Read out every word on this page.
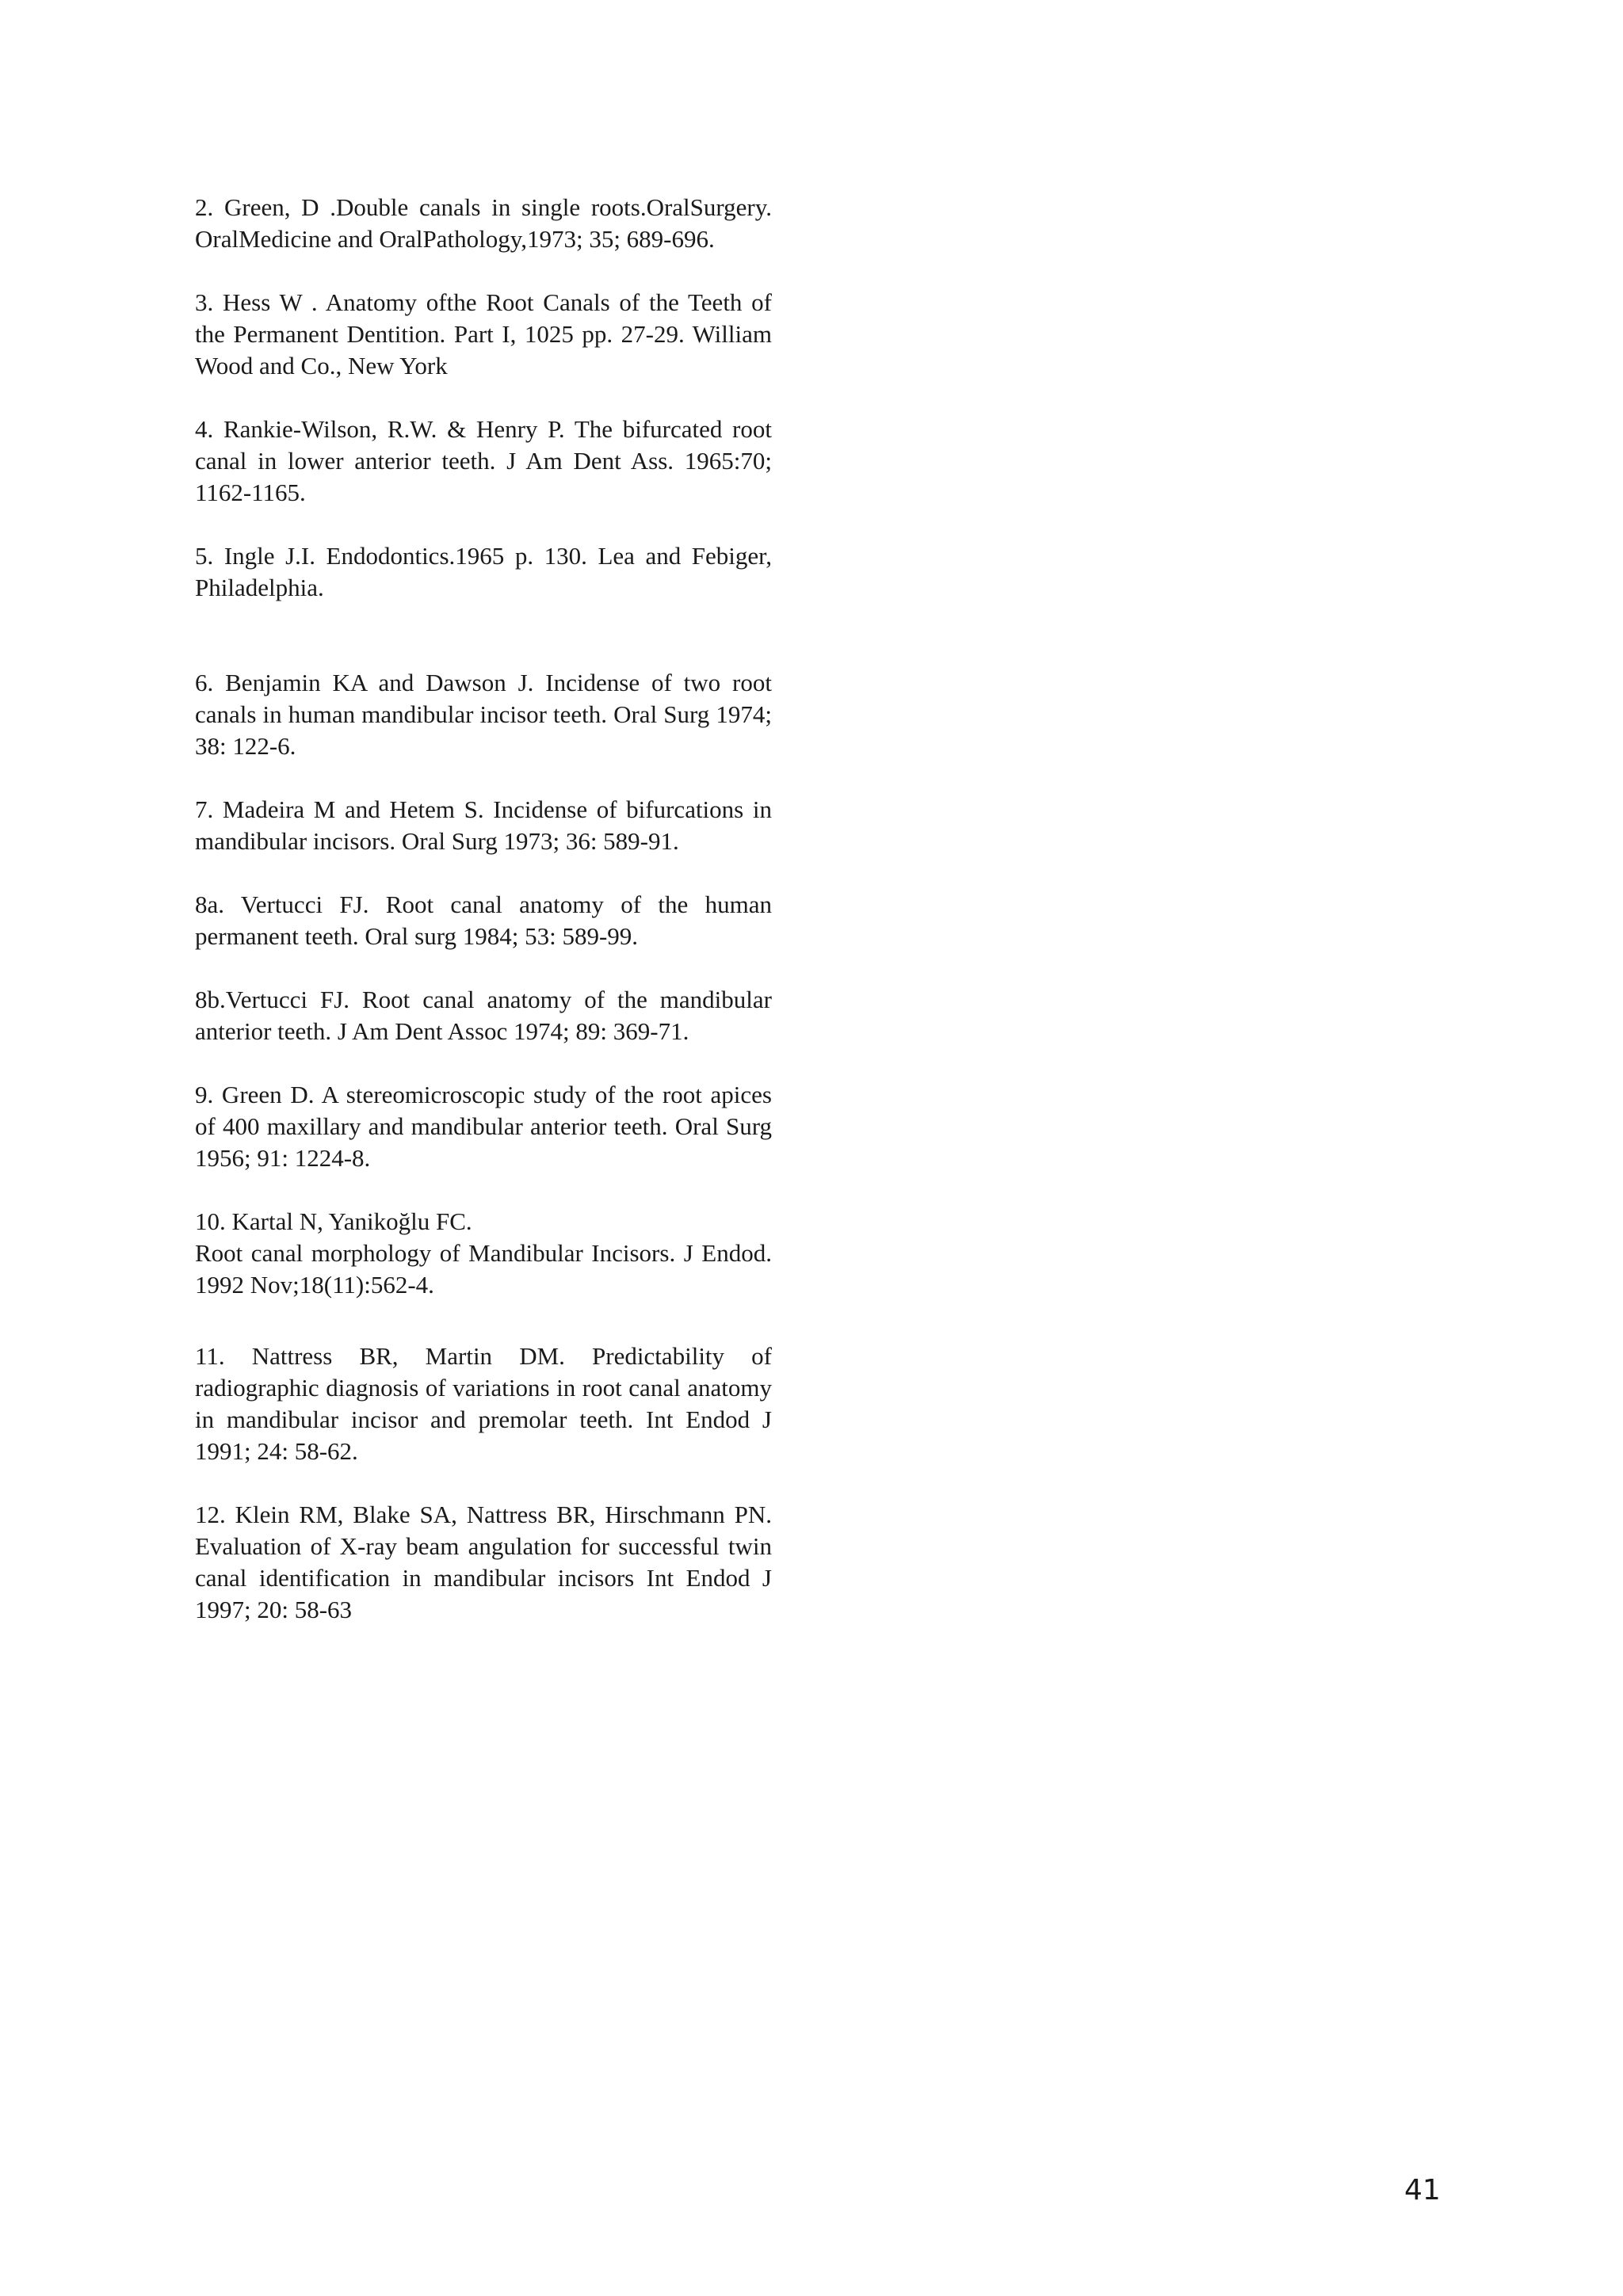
2. Green, D .Double canals in single roots.OralSurgery. OralMedicine and OralPathology,1973; 35; 689-696.

3. Hess W . Anatomy ofthe Root Canals of the Teeth of the Permanent Dentition. Part I, 1025 pp. 27-29. William Wood and Co., New York

4. Rankie-Wilson, R.W. & Henry P. The bifurcated root canal in lower anterior teeth. J Am Dent Ass. 1965:70; 1162-1165.

5. Ingle J.I. Endodontics.1965 p. 130. Lea and Febiger, Philadelphia.

6. Benjamin KA and Dawson J. Incidense of two root canals in human mandibular incisor teeth. Oral Surg 1974; 38: 122-6.

7. Madeira M and Hetem S. Incidense of bifurcations in mandibular incisors. Oral Surg 1973; 36: 589-91.

8a. Vertucci FJ. Root canal anatomy of the human permanent teeth. Oral surg 1984; 53: 589-99.

8b.Vertucci FJ. Root canal anatomy of the mandibular anterior teeth. J Am Dent Assoc 1974; 89: 369-71.

9. Green D. A stereomicroscopic study of the root apices of 400 maxillary and mandibular anterior teeth. Oral Surg 1956; 91: 1224-8.

10. Kartal N, Yanikoğlu FC.

Root canal morphology of Mandibular Incisors. J Endod. 1992 Nov;18(11):562-4.

11. Nattress BR, Martin DM. Predictability of radiographic diagnosis of variations in root canal anatomy in mandibular incisor and premolar teeth. Int Endod J 1991; 24: 58-62.

12. Klein RM, Blake SA, Nattress BR, Hirschmann PN. Evaluation of X-ray beam angulation for successful twin canal identification in mandibular incisors Int Endod J 1997; 20: 58-63

41
